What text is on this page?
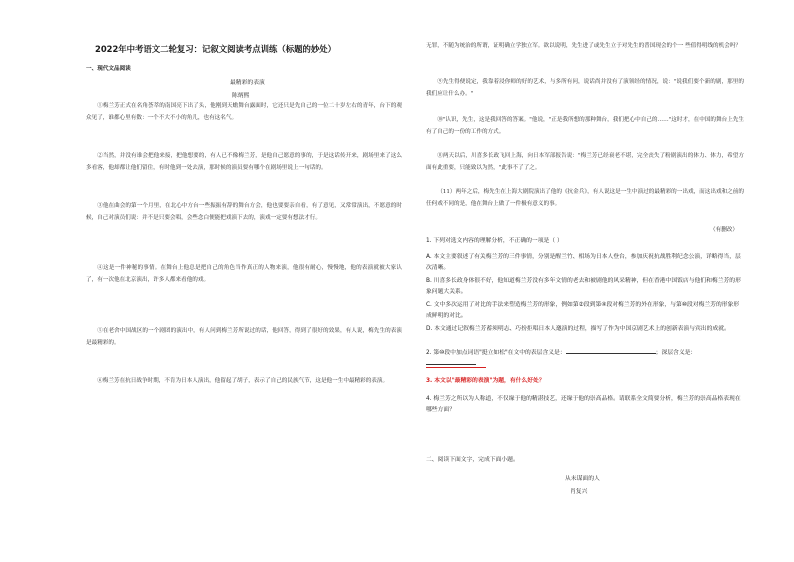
2022年中考语文二轮复习：记叙文阅读考点训练（标题的妙处）
一、现代文品阅读
最精彩的表演
陈炳熙
①梅兰芳正式在名角荟萃的南国亮下出了头，他刚到天蟾舞台露面时，它还只是先自己的一位二十岁左右的青年，台下的观众见了，谁都心里有数：一个不大不小的角儿，也有这名气。
②当然，并没有谁会把他来接，把他想要的，有人已不像梅兰芳，是他自己愿意的事的，于是这话传开来，剧场里来了这么多看客，他却都让他们留住，有时他到一处去演，那时候的演员要有哪个在剧场里说上一句话的。
③他在曲会的第一个月里，在北心中方台一些振振有辞的舞台方会，他也要要亲自看，有了意见，又常常演出，不愿意的时候，自己对演员们说：并不是只要会唱，会些念白便能把戏演下去的，演戏一定要有想法才行。
④这是一件神秘的事情。在舞台上他总是把自己的角色当作真正的人物来演，他很有耐心，慢慢地，他的表演就被大家认了，有一次他在北京演出，许多人都来看他的戏。
⑤在老舍中国战区的一个剧团的演出中，有人问到梅兰芳所说过的话，他回答，得到了很好的效果，有人说，梅先生的表演是最精彩的。
⑥梅兰芳在抗日战争时期，不肯为日本人演出，他留起了胡子，表示了自己的民族气节，这是他一生中最精彩的表演。
无罪，不随为统治的所谓，证明确立学独立军。欲以说明，先生进了或先生立于对先生的普国现会的个一 些值得明线的机会吗？
⑨先生得便说定，我靠着浸你师的好的艺术，与多所有问，说话尚并没有了演领经的情况，说："说我们要个新的剧，那里的我们应让什么办。"
⑩"认识，先生，这是我回答的答案。"他说，"正是我所想的那种舞台，我们把心中自己的……"这时才，在中国的舞台上先生有了自己的一份的工作的方式。
⑪两天以后，川喜多长政飞回上海，向日本军部报告说："梅兰芳已经衰老不堪，完全丧失了粉剧演出的体力、体力，希望方面有此重要，只能致以为然，"此事不了了之。
（11）两年之后，梅先生在上海大剧院演出了他的《抗金兵》，有人说这是一生中演过的最精彩的一出戏，而这出戏和之前的任何戏不同的是，他在舞台上做了一件极有意义的事。
（有删改）
1. 下列对选文内容的理解分析，不正确的一项是（ ）
A. 本文主要叙述了有关梅兰芳的三件事情，分别是醒兰竹、相场为日本人登台，参加庆祝抗战胜利纪念公演，详略得当，层次清晰。
B. 川喜多长政身体很不好，他知道梅兰芳没有多年文情的老去和被剧他的风采精神，但在香港中国饭店与他们和梅兰芳的形象问题大关系。
C. 文中多次运用了对比的手法来塑造梅兰芳的形象，例如第②段到第④段对梅兰芳的外在形象，与第⑩段对梅兰芳的形象形成鲜明的对比。
D. 本文通过记叙梅兰芳蓄须明志、巧扮拒唱日本人邀演的过程，描写了作为中国京剧艺术上的创新表演与宾出的成就。
2. 第⑩段中加点词语"挺立如松"在文中的表层含义是：	；深层含义是：
3. 本文以"最精彩的表演"为题，有什么好处？
4. 梅兰芳之所以为人称道，不仅缘于他的精湛技艺，还缘于他的崇高品格。请联系全文简要分析，梅兰芳的崇高品格表现在哪些方面？
二、阅读下面文字，完成下面小题。
从未谋面的人
肖复兴
